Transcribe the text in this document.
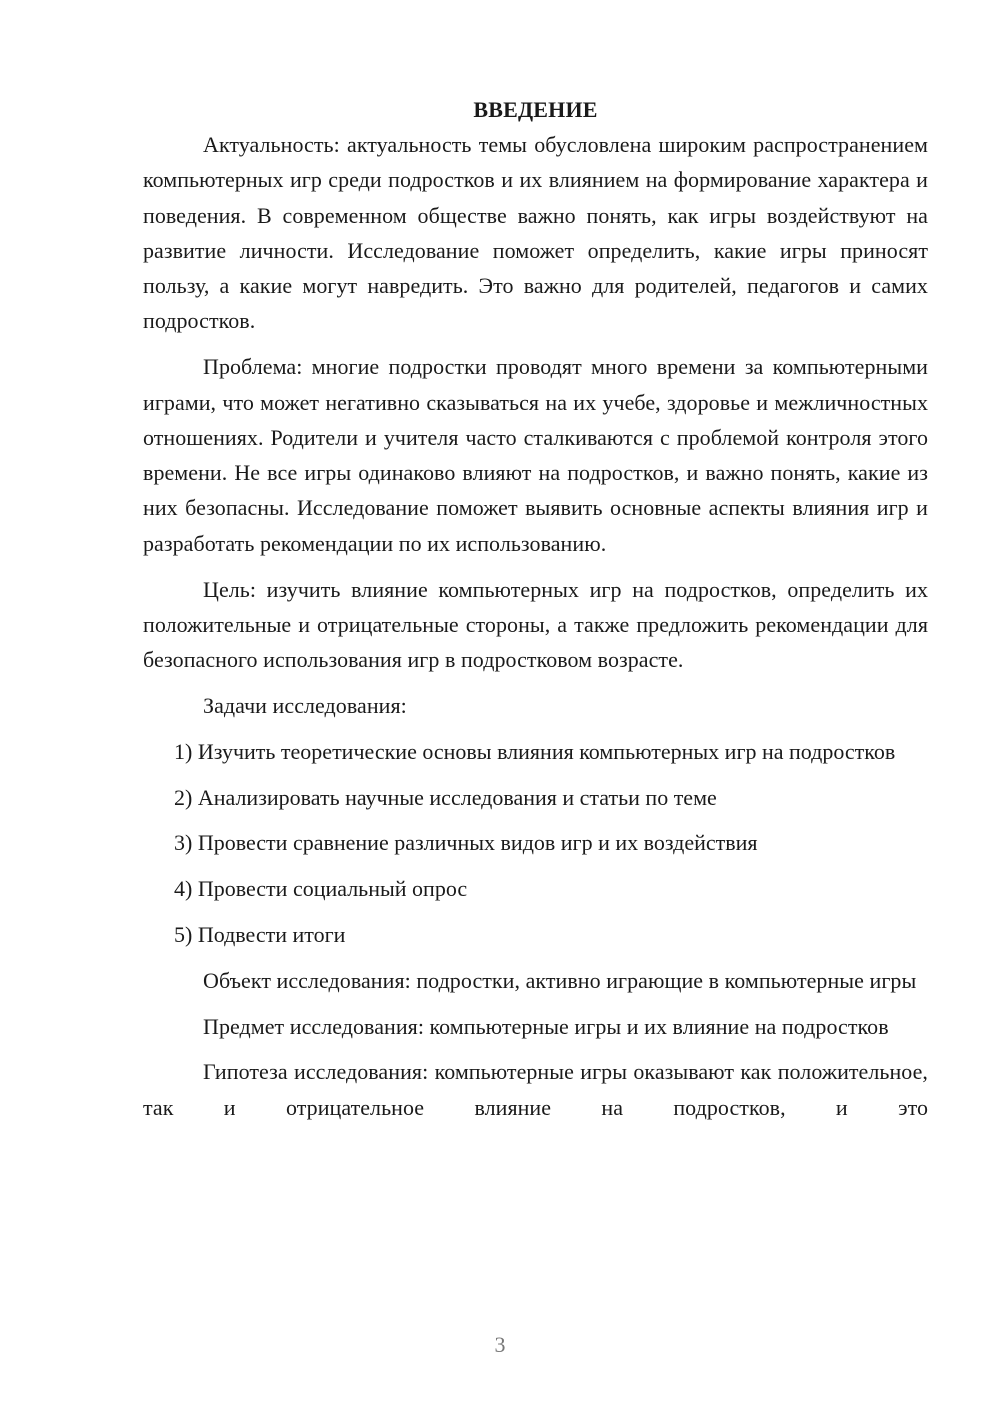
ВВЕДЕНИЕ

Актуальность: актуальность темы обусловлена широким распространением компьютерных игр среди подростков и их влиянием на формирование характера и поведения. В современном обществе важно понять, как игры воздействуют на развитие личности. Исследование поможет определить, какие игры приносят пользу, а какие могут навредить. Это важно для родителей, педагогов и самих подростков.

Проблема: многие подростки проводят много времени за компьютерными играми, что может негативно сказываться на их учебе, здоровье и межличностных отношениях. Родители и учителя часто сталкиваются с проблемой контроля этого времени. Не все игры одинаково влияют на подростков, и важно понять, какие из них безопасны. Исследование поможет выявить основные аспекты влияния игр и разработать рекомендации по их использованию.

Цель: изучить влияние компьютерных игр на подростков, определить их положительные и отрицательные стороны, а также предложить рекомендации для безопасного использования игр в подростковом возрасте.

Задачи исследования:

1) Изучить теоретические основы влияния компьютерных игр на подростков

2) Анализировать научные исследования и статьи по теме

3) Провести сравнение различных видов игр и их воздействия

4) Провести социальный опрос

5) Подвести итоги

Объект исследования: подростки, активно играющие в компьютерные игры

Предмет исследования: компьютерные игры и их влияние на подростков

Гипотеза исследования: компьютерные игры оказывают как положительное, так и отрицательное влияние на подростков, и это

3
